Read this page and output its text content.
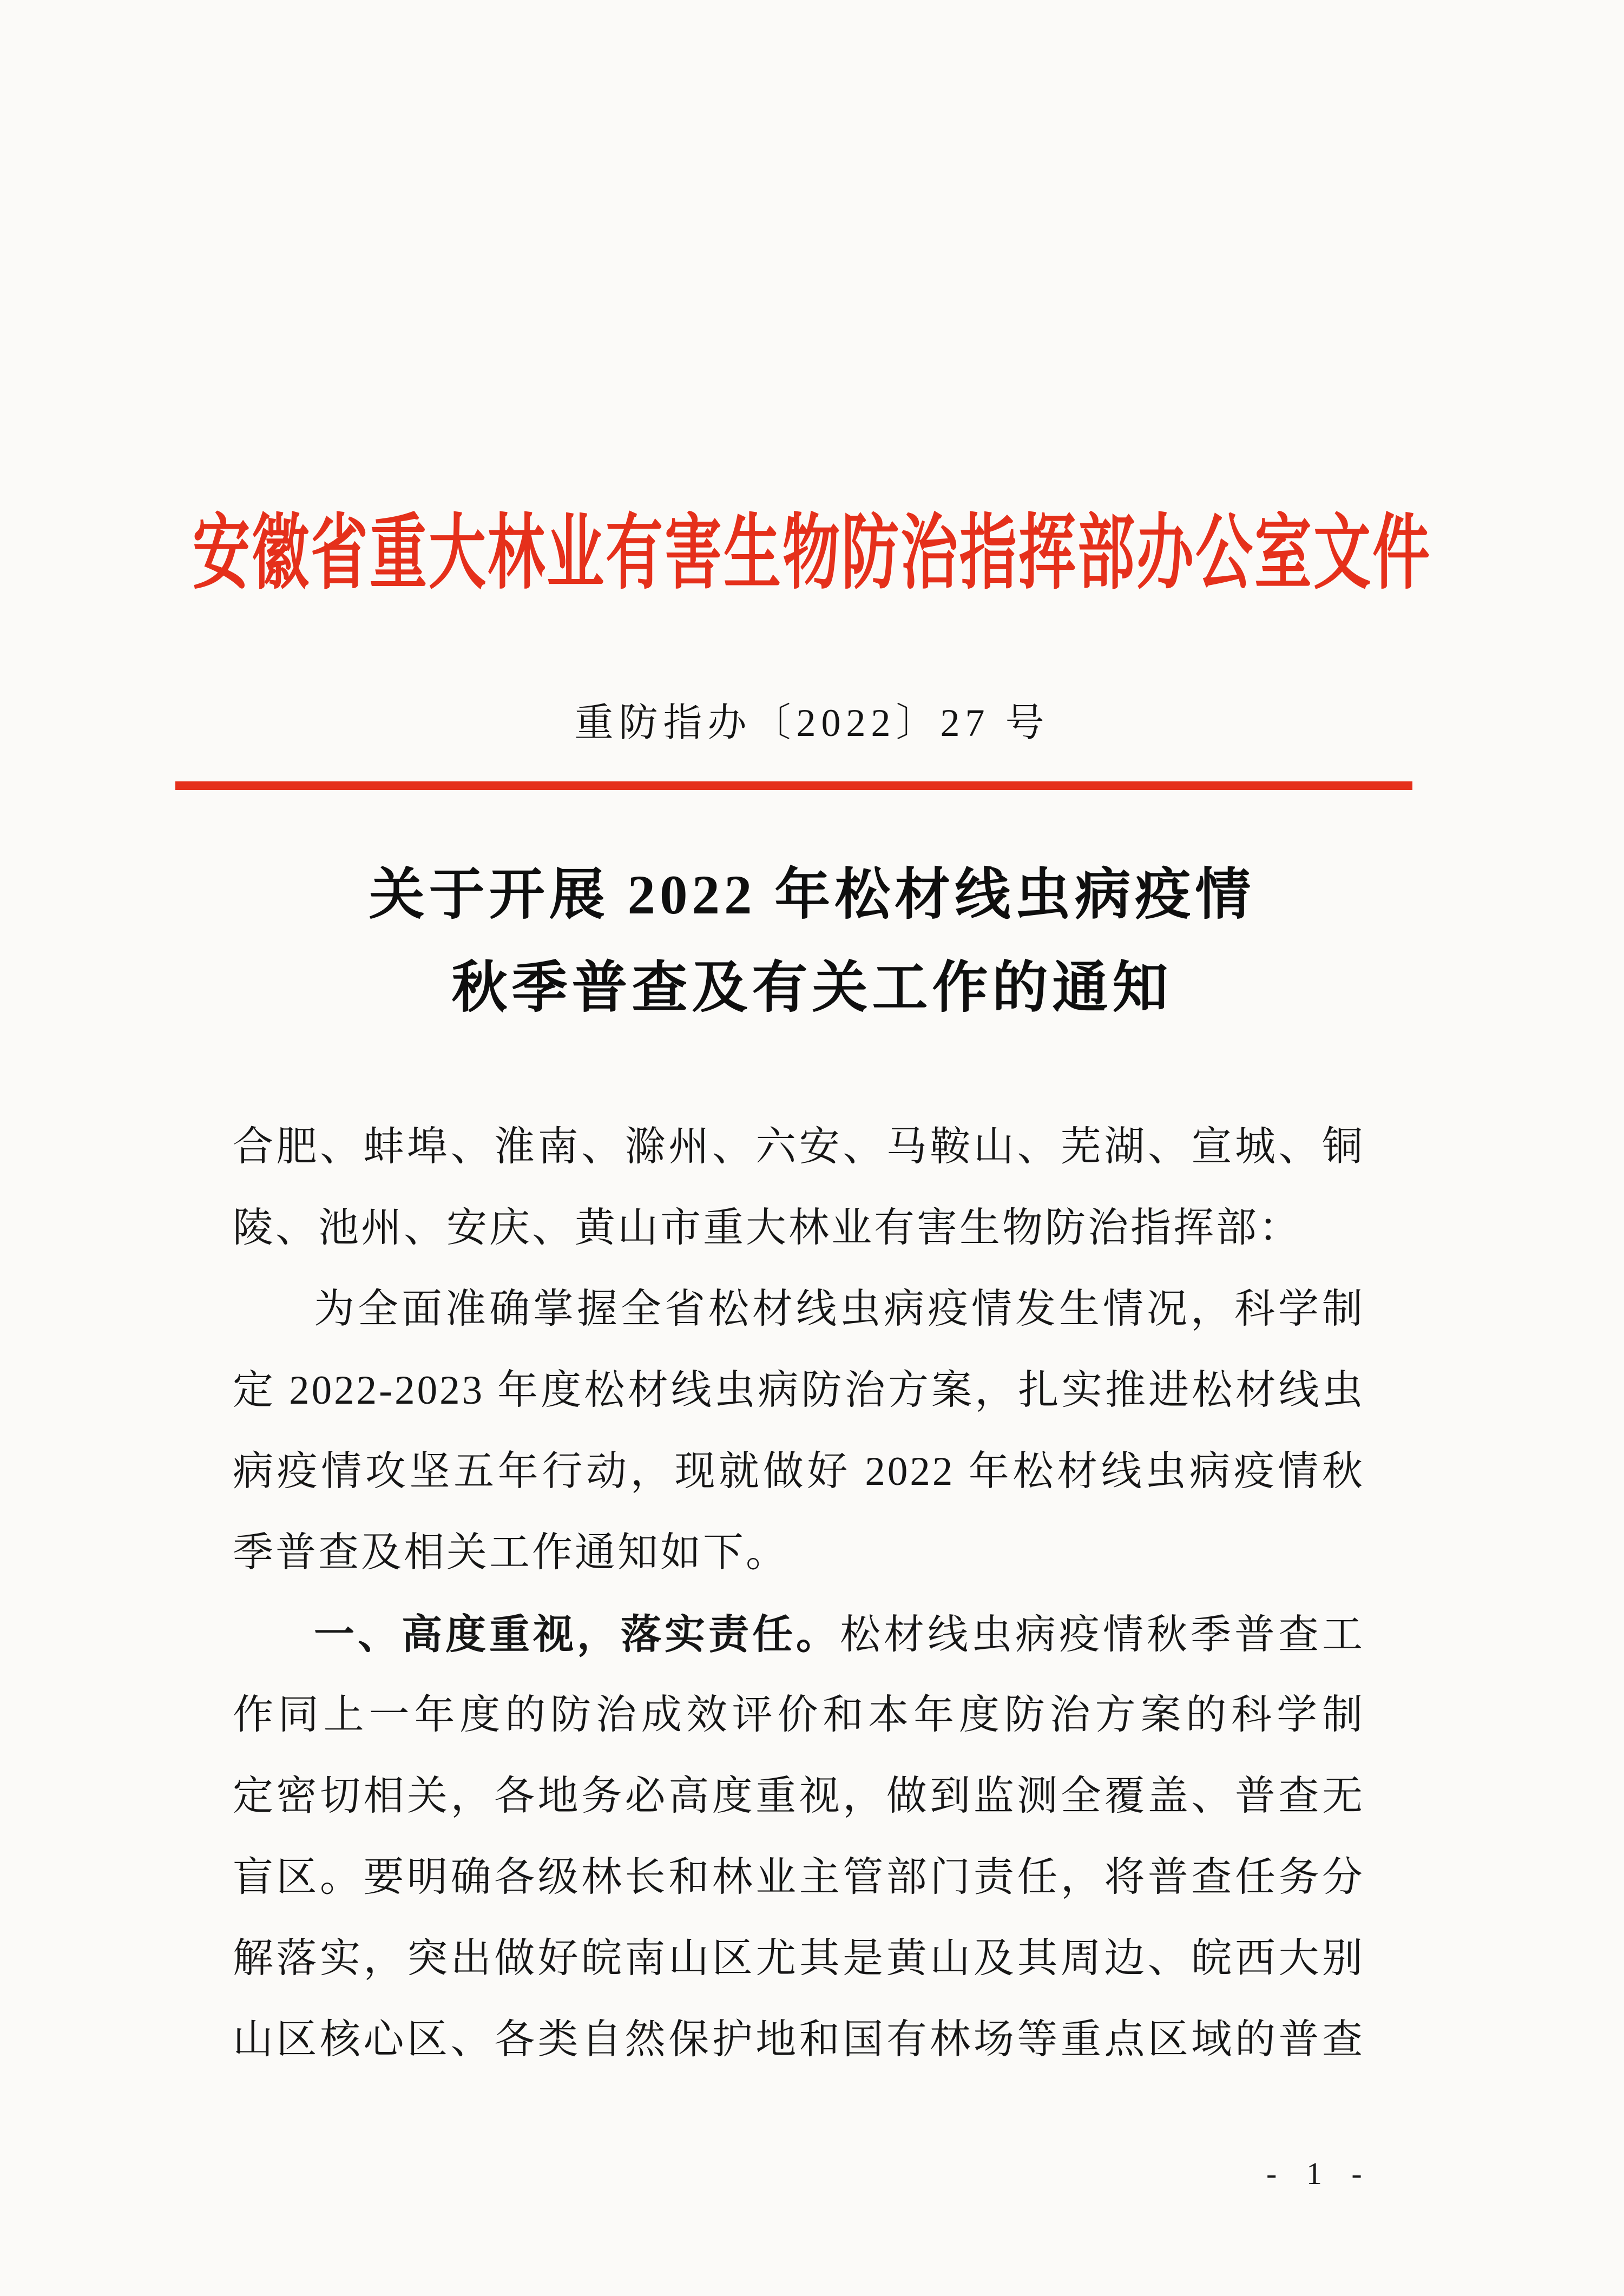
安徽省重大林业有害生物防治指挥部办公室文件
重防指办〔2022〕27 号
关于开展 2022 年松材线虫病疫情
秋季普查及有关工作的通知
合肥、蚌埠、淮南、滁州、六安、马鞍山、芜湖、宣城、铜
陵、池州、安庆、黄山市重大林业有害生物防治指挥部：
为全面准确掌握全省松材线虫病疫情发生情况，科学制
定 2022-2023 年度松材线虫病防治方案，扎实推进松材线虫
病疫情攻坚五年行动，现就做好 2022 年松材线虫病疫情秋
季普查及相关工作通知如下。
一、高度重视，落实责任。松材线虫病疫情秋季普查工
作同上一年度的防治成效评价和本年度防治方案的科学制
定密切相关，各地务必高度重视，做到监测全覆盖、普查无
盲区。要明确各级林长和林业主管部门责任，将普查任务分
解落实，突出做好皖南山区尤其是黄山及其周边、皖西大别
山区核心区、各类自然保护地和国有林场等重点区域的普查
- 1 -
